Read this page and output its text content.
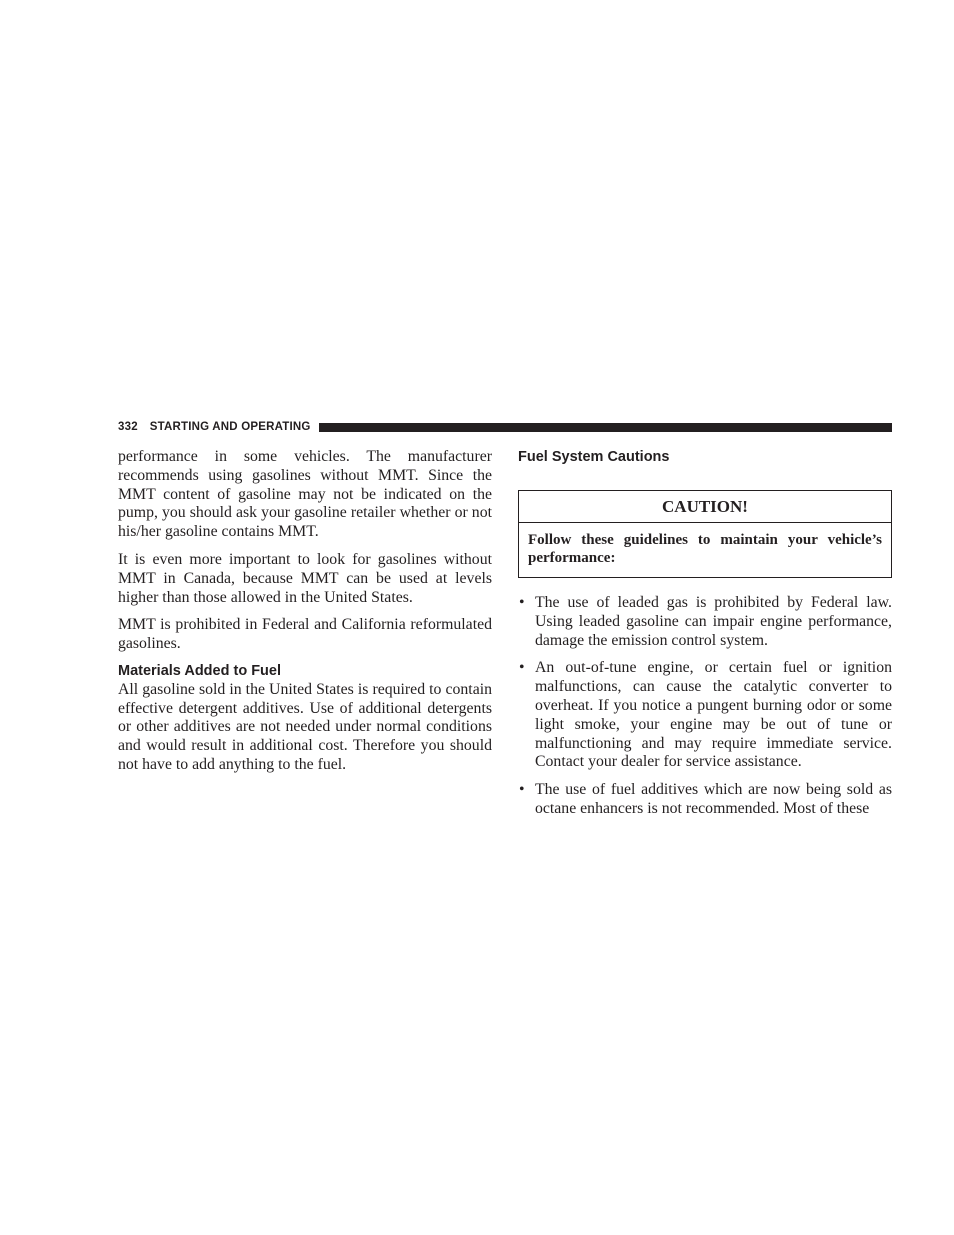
332 STARTING AND OPERATING

performance in some vehicles. The manufacturer recommends using gasolines without MMT. Since the MMT content of gasoline may not be indicated on the pump, you should ask your gasoline retailer whether or not his/her gasoline contains MMT.

It is even more important to look for gasolines without MMT in Canada, because MMT can be used at levels higher than those allowed in the United States.

MMT is prohibited in Federal and California reformulated gasolines.

Materials Added to Fuel

All gasoline sold in the United States is required to contain effective detergent additives. Use of additional detergents or other additives are not needed under normal conditions and would result in additional cost. Therefore you should not have to add anything to the fuel.

Fuel System Cautions
CAUTION!
Follow these guidelines to maintain your vehicle’s performance:
• The use of leaded gas is prohibited by Federal law. Using leaded gasoline can impair engine performance, damage the emission control system.

• An out-of-tune engine, or certain fuel or ignition malfunctions, can cause the catalytic converter to overheat. If you notice a pungent burning odor or some light smoke, your engine may be out of tune or malfunctioning and may require immediate service. Contact your dealer for service assistance.

• The use of fuel additives which are now being sold as octane enhancers is not recommended. Most of these
